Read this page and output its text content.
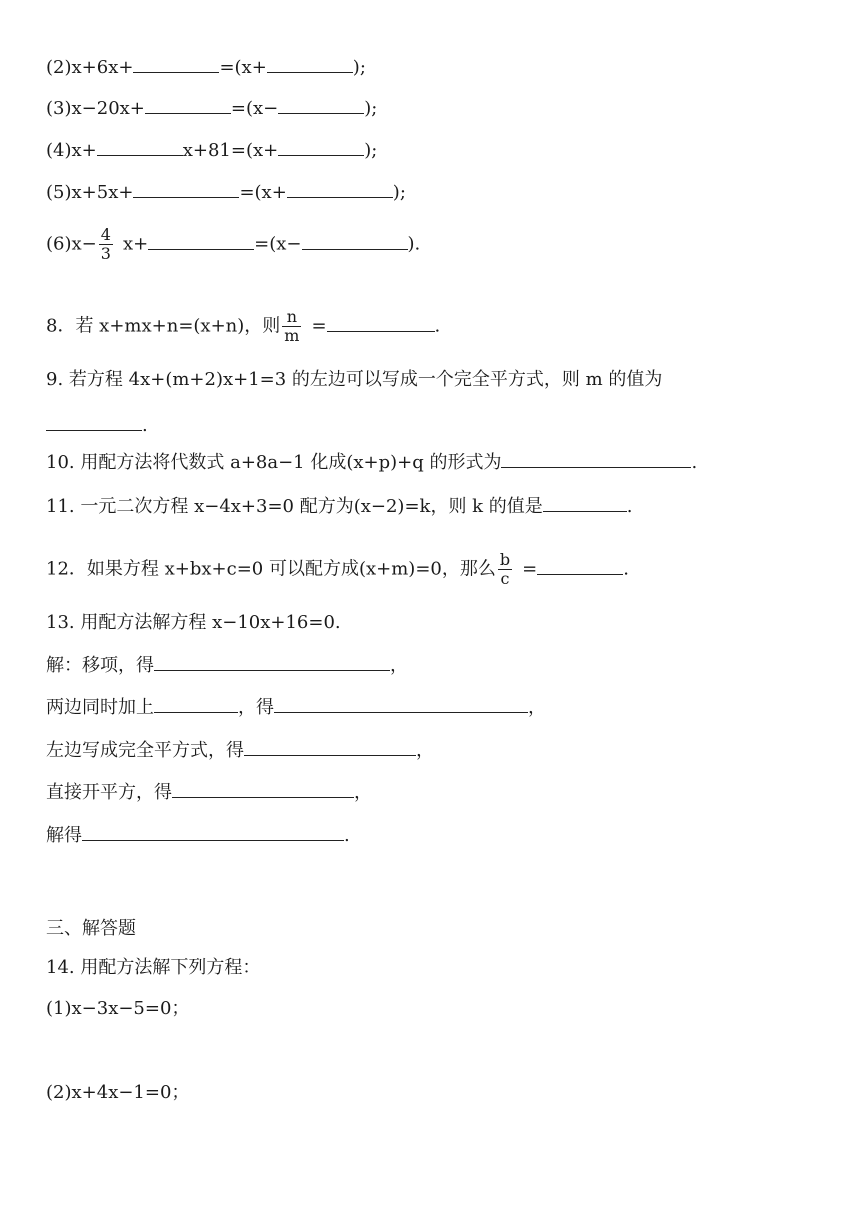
(2)x+6x+	=(x+	);
(3)x−20x+	=(x−	);
(4)x+	x+81=(x+	);
(5)x+5x+	=(x+	);
$(6)x- \frac{4}{3} x+$	=(x−	).
8．若 x+mx+n=(x+n)，则 $\frac{n}{m}$ =	.
9. 若方程 4x+(m+2)x+1=3 的左边可以写成一个完全平方式，则 m 的值为
.
10. 用配方法将代数式 a+8a−1 化成(x+p)+q 的形式为	.
11. 一元二次方程 x−4x+3=0 配方为(x−2)=k，则 k 的值是	.
12．如果方程 x+bx+c=0 可以配方成(x+m)=0，那么 $\frac{b}{c}$ =	.
13. 用配方法解方程 x−10x+16=0.
解：移项，得	，
两边同时加上	，得	，
左边写成完全平方式，得	，
直接开平方，得	，
解得	.
三、解答题
14. 用配方法解下列方程：
(1)x−3x−5=0；
(2)x+4x−1=0；
